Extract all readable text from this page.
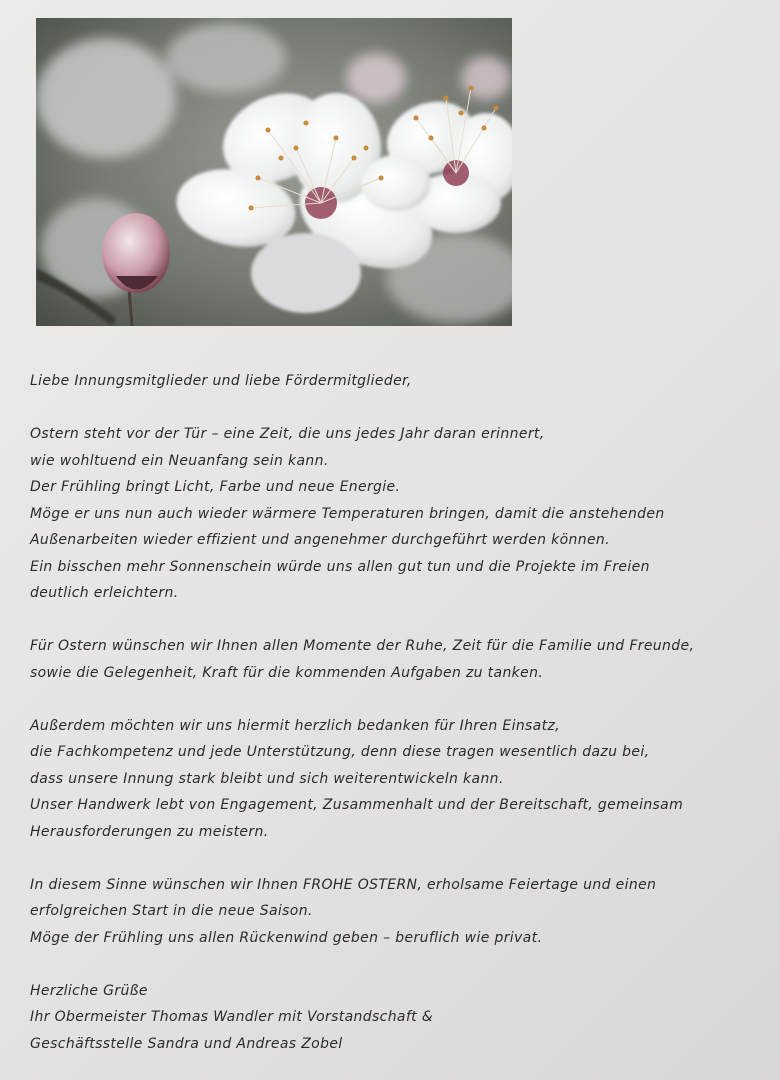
Liebe Innungsmitglieder und liebe Fördermitglieder,

Ostern steht vor der Tür – eine Zeit, die uns jedes Jahr daran erinnert,

wie wohltuend ein Neuanfang sein kann.

Der Frühling bringt Licht, Farbe und neue Energie.

Möge er uns nun auch wieder wärmere Temperaturen bringen, damit die anstehenden

Außenarbeiten wieder effizient und angenehmer durchgeführt werden können.

Ein bisschen mehr Sonnenschein würde uns allen gut tun und die Projekte im Freien

deutlich erleichtern.

Für Ostern wünschen wir Ihnen allen Momente der Ruhe, Zeit für die Familie und Freunde,

sowie die Gelegenheit, Kraft für die kommenden Aufgaben zu tanken.

Außerdem möchten wir uns hiermit herzlich bedanken für Ihren Einsatz,

die Fachkompetenz und jede Unterstützung, denn diese tragen wesentlich dazu bei,

dass unsere Innung stark bleibt und sich weiterentwickeln kann.

Unser Handwerk lebt von Engagement, Zusammenhalt und der Bereitschaft, gemeinsam

Herausforderungen zu meistern.

In diesem Sinne wünschen wir Ihnen FROHE OSTERN, erholsame Feiertage und einen

erfolgreichen Start in die neue Saison.

Möge der Frühling uns allen Rückenwind geben – beruflich wie privat.

Herzliche Grüße

Ihr Obermeister Thomas Wandler mit Vorstandschaft &

Geschäftsstelle Sandra und Andreas Zobel
